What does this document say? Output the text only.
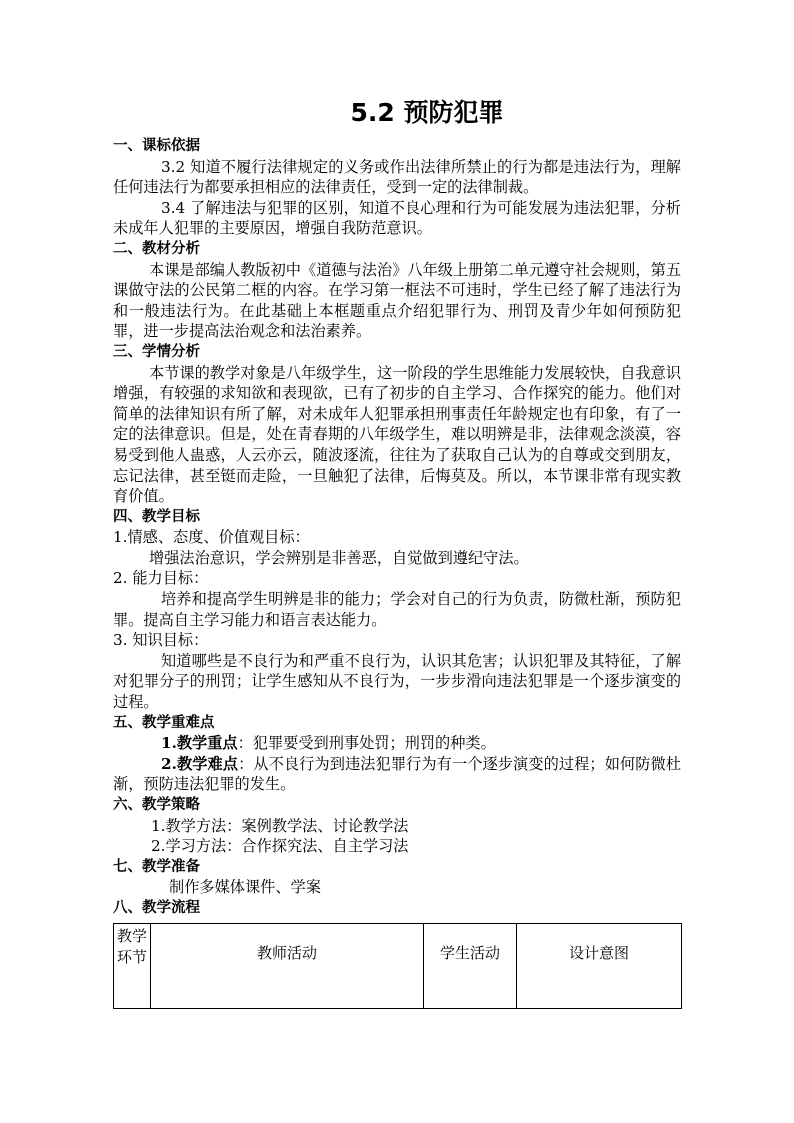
5.2 预防犯罪
一、课标依据
3.2 知道不履行法律规定的义务或作出法律所禁止的行为都是违法行为，理解任何违法行为都要承担相应的法律责任，受到一定的法律制裁。
3.4 了解违法与犯罪的区别，知道不良心理和行为可能发展为违法犯罪，分析未成年人犯罪的主要原因，增强自我防范意识。
二、教材分析
本课是部编人教版初中《道德与法治》八年级上册第二单元遵守社会规则，第五课做守法的公民第二框的内容。在学习第一框法不可违时，学生已经了解了违法行为和一般违法行为。在此基础上本框题重点介绍犯罪行为、刑罚及青少年如何预防犯罪，进一步提高法治观念和法治素养。
三、学情分析
本节课的教学对象是八年级学生，这一阶段的学生思维能力发展较快，自我意识增强，有较强的求知欲和表现欲，已有了初步的自主学习、合作探究的能力。他们对简单的法律知识有所了解，对未成年人犯罪承担刑事责任年龄规定也有印象，有了一定的法律意识。但是，处在青春期的八年级学生，难以明辨是非，法律观念淡漠，容易受到他人蛊惑，人云亦云，随波逐流，往往为了获取自己认为的自尊或交到朋友，忘记法律，甚至铤而走险，一旦触犯了法律，后悔莫及。所以，本节课非常有现实教育价值。
四、教学目标
1.情感、态度、价值观目标：
增强法治意识，学会辨别是非善恶，自觉做到遵纪守法。
2. 能力目标：
培养和提高学生明辨是非的能力；学会对自己的行为负责，防微杜渐，预防犯罪。提高自主学习能力和语言表达能力。
3. 知识目标：
知道哪些是不良行为和严重不良行为，认识其危害；认识犯罪及其特征，了解对犯罪分子的刑罚；让学生感知从不良行为，一步步滑向违法犯罪是一个逐步演变的过程。
五、教学重难点
1.教学重点：犯罪要受到刑事处罚；刑罚的种类。
2.教学难点：从不良行为到违法犯罪行为有一个逐步演变的过程；如何防微杜渐，预防违法犯罪的发生。
六、教学策略
1.教学方法：案例教学法、讨论教学法
2.学习方法：合作探究法、自主学习法
七、教学准备
制作多媒体课件、学案
八、教学流程
教学环节	教师活动	学生活动	设计意图
